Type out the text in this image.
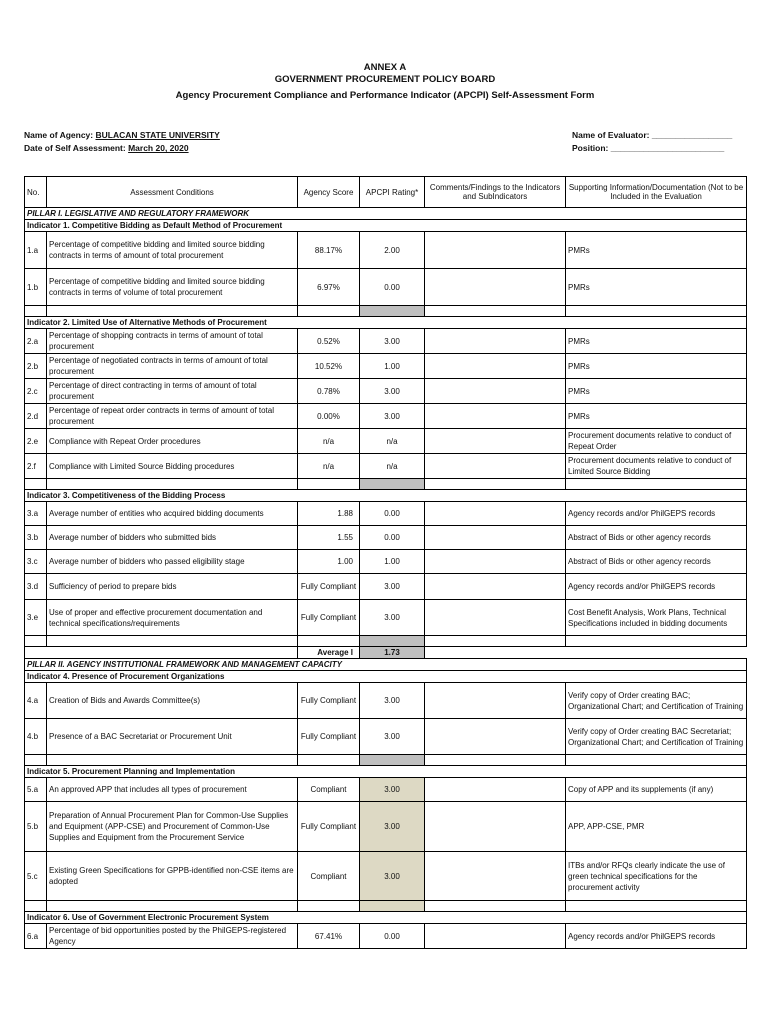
ANNEX A
GOVERNMENT PROCUREMENT POLICY BOARD
Agency Procurement Compliance and Performance Indicator (APCPI) Self-Assessment Form
Name of Agency: BULACAN STATE UNIVERSITY
Date of Self Assessment: March 20, 2020
Name of Evaluator: _________________
Position: ________________________
No.	Assessment Conditions	Agency Score	APCPI Rating*	Comments/Findings to the Indicators and SubIndicators	Supporting Information/Documentation (Not to be Included in the Evaluation
PILLAR I. LEGISLATIVE AND REGULATORY FRAMEWORK					
Indicator 1. Competitive Bidding as Default Method of Procurement					
1.a	Percentage of competitive bidding and limited source bidding contracts in terms of amount of total procurement	88.17%	2.00		PMRs
1.b	Percentage of competitive bidding and limited source bidding contracts in terms of volume of total procurement	6.97%	0.00		PMRs

Indicator 2. Limited Use of Alternative Methods of Procurement					
2.a	Percentage of shopping contracts in terms of amount of total procurement	0.52%	3.00		PMRs
2.b	Percentage of negotiated contracts in terms of amount of total procurement	10.52%	1.00		PMRs
2.c	Percentage of direct contracting in terms of amount of total procurement	0.78%	3.00		PMRs
2.d	Percentage of repeat order contracts in terms of amount of total procurement	0.00%	3.00		PMRs
2.e	Compliance with Repeat Order procedures	n/a	n/a		Procurement documents relative to conduct of Repeat Order
2.f	Compliance with Limited Source Bidding procedures	n/a	n/a		Procurement documents relative to conduct of Limited Source Bidding

Indicator 3. Competitiveness of the Bidding Process					
3.a	Average number of entities who acquired bidding documents	1.88	0.00		Agency records and/or PhilGEPS records
3.b	Average number of bidders who submitted bids	1.55	0.00		Abstract of Bids or other agency records
3.c	Average number of bidders who passed eligibility stage	1.00	1.00		Abstract of Bids or other agency records
3.d	Sufficiency of period to prepare bids	Fully Compliant	3.00		Agency records and/or PhilGEPS records
3.e	Use of proper and effective procurement documentation and technical specifications/requirements	Fully Compliant	3.00		Cost Benefit Analysis, Work Plans, Technical Specifications included in bidding documents

		Average I	1.73		
PILLAR II. AGENCY INSTITUTIONAL FRAMEWORK AND MANAGEMENT CAPACITY					
Indicator 4. Presence of Procurement Organizations					
4.a	Creation of Bids and Awards Committee(s)	Fully Compliant	3.00		Verify copy of Order creating BAC; Organizational Chart; and Certification of Training
4.b	Presence of a BAC Secretariat or Procurement Unit	Fully Compliant	3.00		Verify copy of Order creating BAC Secretariat; Organizational Chart; and Certification of Training

Indicator 5. Procurement Planning and Implementation					
5.a	An approved APP that includes all types of procurement	Compliant	3.00		Copy of APP and its supplements (if any)
5.b	Preparation of Annual Procurement Plan for Common-Use Supplies and Equipment (APP-CSE) and Procurement of Common-Use Supplies and Equipment from the Procurement Service	Fully Compliant	3.00		APP, APP-CSE, PMR
5.c	Existing Green Specifications for GPPB-identified non-CSE items are adopted	Compliant	3.00		ITBs and/or RFQs clearly indicate the use of green technical specifications for the procurement activity

Indicator 6. Use of Government Electronic Procurement System					
6.a	Percentage of bid opportunities posted by the PhilGEPS-registered Agency	67.41%	0.00		Agency records and/or PhilGEPS records
